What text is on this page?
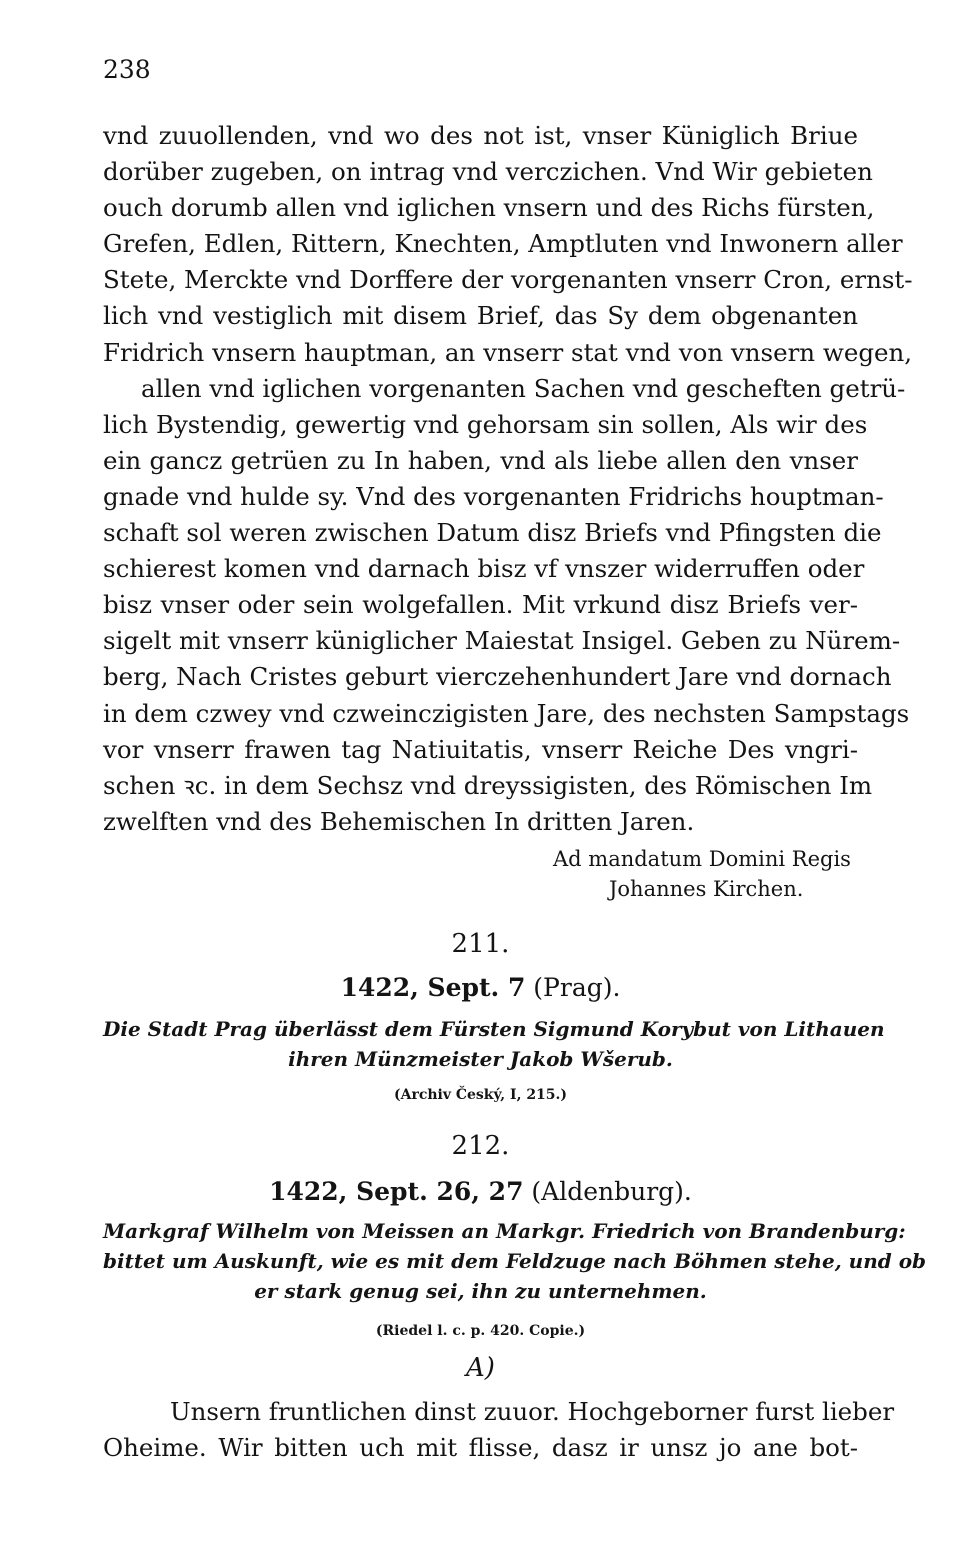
238
vnd zuuollenden, vnd wo des not ist, vnser Küniglich Briue
dorüber zugeben, on intrag vnd verczichen. Vnd Wir gebieten
ouch dorumb allen vnd iglichen vnsern und des Richs fürsten,
Grefen, Edlen, Rittern, Knechten, Amptluten vnd Inwonern aller
Stete, Merckte vnd Dorffere der vorgenanten vnserr Cron, ernst-
lich vnd vestiglich mit disem Brief, das Sy dem obgenanten
Fridrich vnsern hauptman, an vnserr stat vnd von vnsern wegen,
allen vnd iglichen vorgenanten Sachen vnd gescheften getrü-
lich Bystendig, gewertig vnd gehorsam sin sollen, Als wir des
ein gancz getrüen zu In haben, vnd als liebe allen den vnser
gnade vnd hulde sy. Vnd des vorgenanten Fridrichs houptman-
schaft sol weren zwischen Datum disz Briefs vnd Pfingsten die
schierest komen vnd darnach bisz vf vnszer widerruffen oder
bisz vnser oder sein wolgefallen. Mit vrkund disz Briefs ver-
sigelt mit vnserr küniglicher Maiestat Insigel. Geben zu Nürem-
berg, Nach Cristes geburt vierczehenhundert Jare vnd dornach
in dem czwey vnd czweinczigisten Jare, des nechsten Sampstags
vor vnserr frawen tag Natiuitatis, vnserr Reiche Des vngri-
schen ꝛc. in dem Sechsz vnd dreyssigisten, des Römischen Im
zwelften vnd des Behemischen In dritten Jaren.
Ad mandatum Domini Regis
Johannes Kirchen.
211.
1422, Sept. 7 (Prag).
Die Stadt Prag überlässt dem Fürsten Sigmund Korybut von Lithauen
ihren Münzmeister Jakob Wšerub.
(Archiv Český, I, 215.)
212.
1422, Sept. 26, 27 (Aldenburg).
Markgraf Wilhelm von Meissen an Markgr. Friedrich von Brandenburg:
bittet um Auskunft, wie es mit dem Feldzuge nach Böhmen stehe, und ob
er stark genug sei, ihn zu unternehmen.
(Riedel l. c. p. 420. Copie.)
A)
Unsern fruntlichen dinst zuuor. Hochgeborner furst lieber
Oheime. Wir bitten uch mit flisse, dasz ir unsz jo ane bot-
